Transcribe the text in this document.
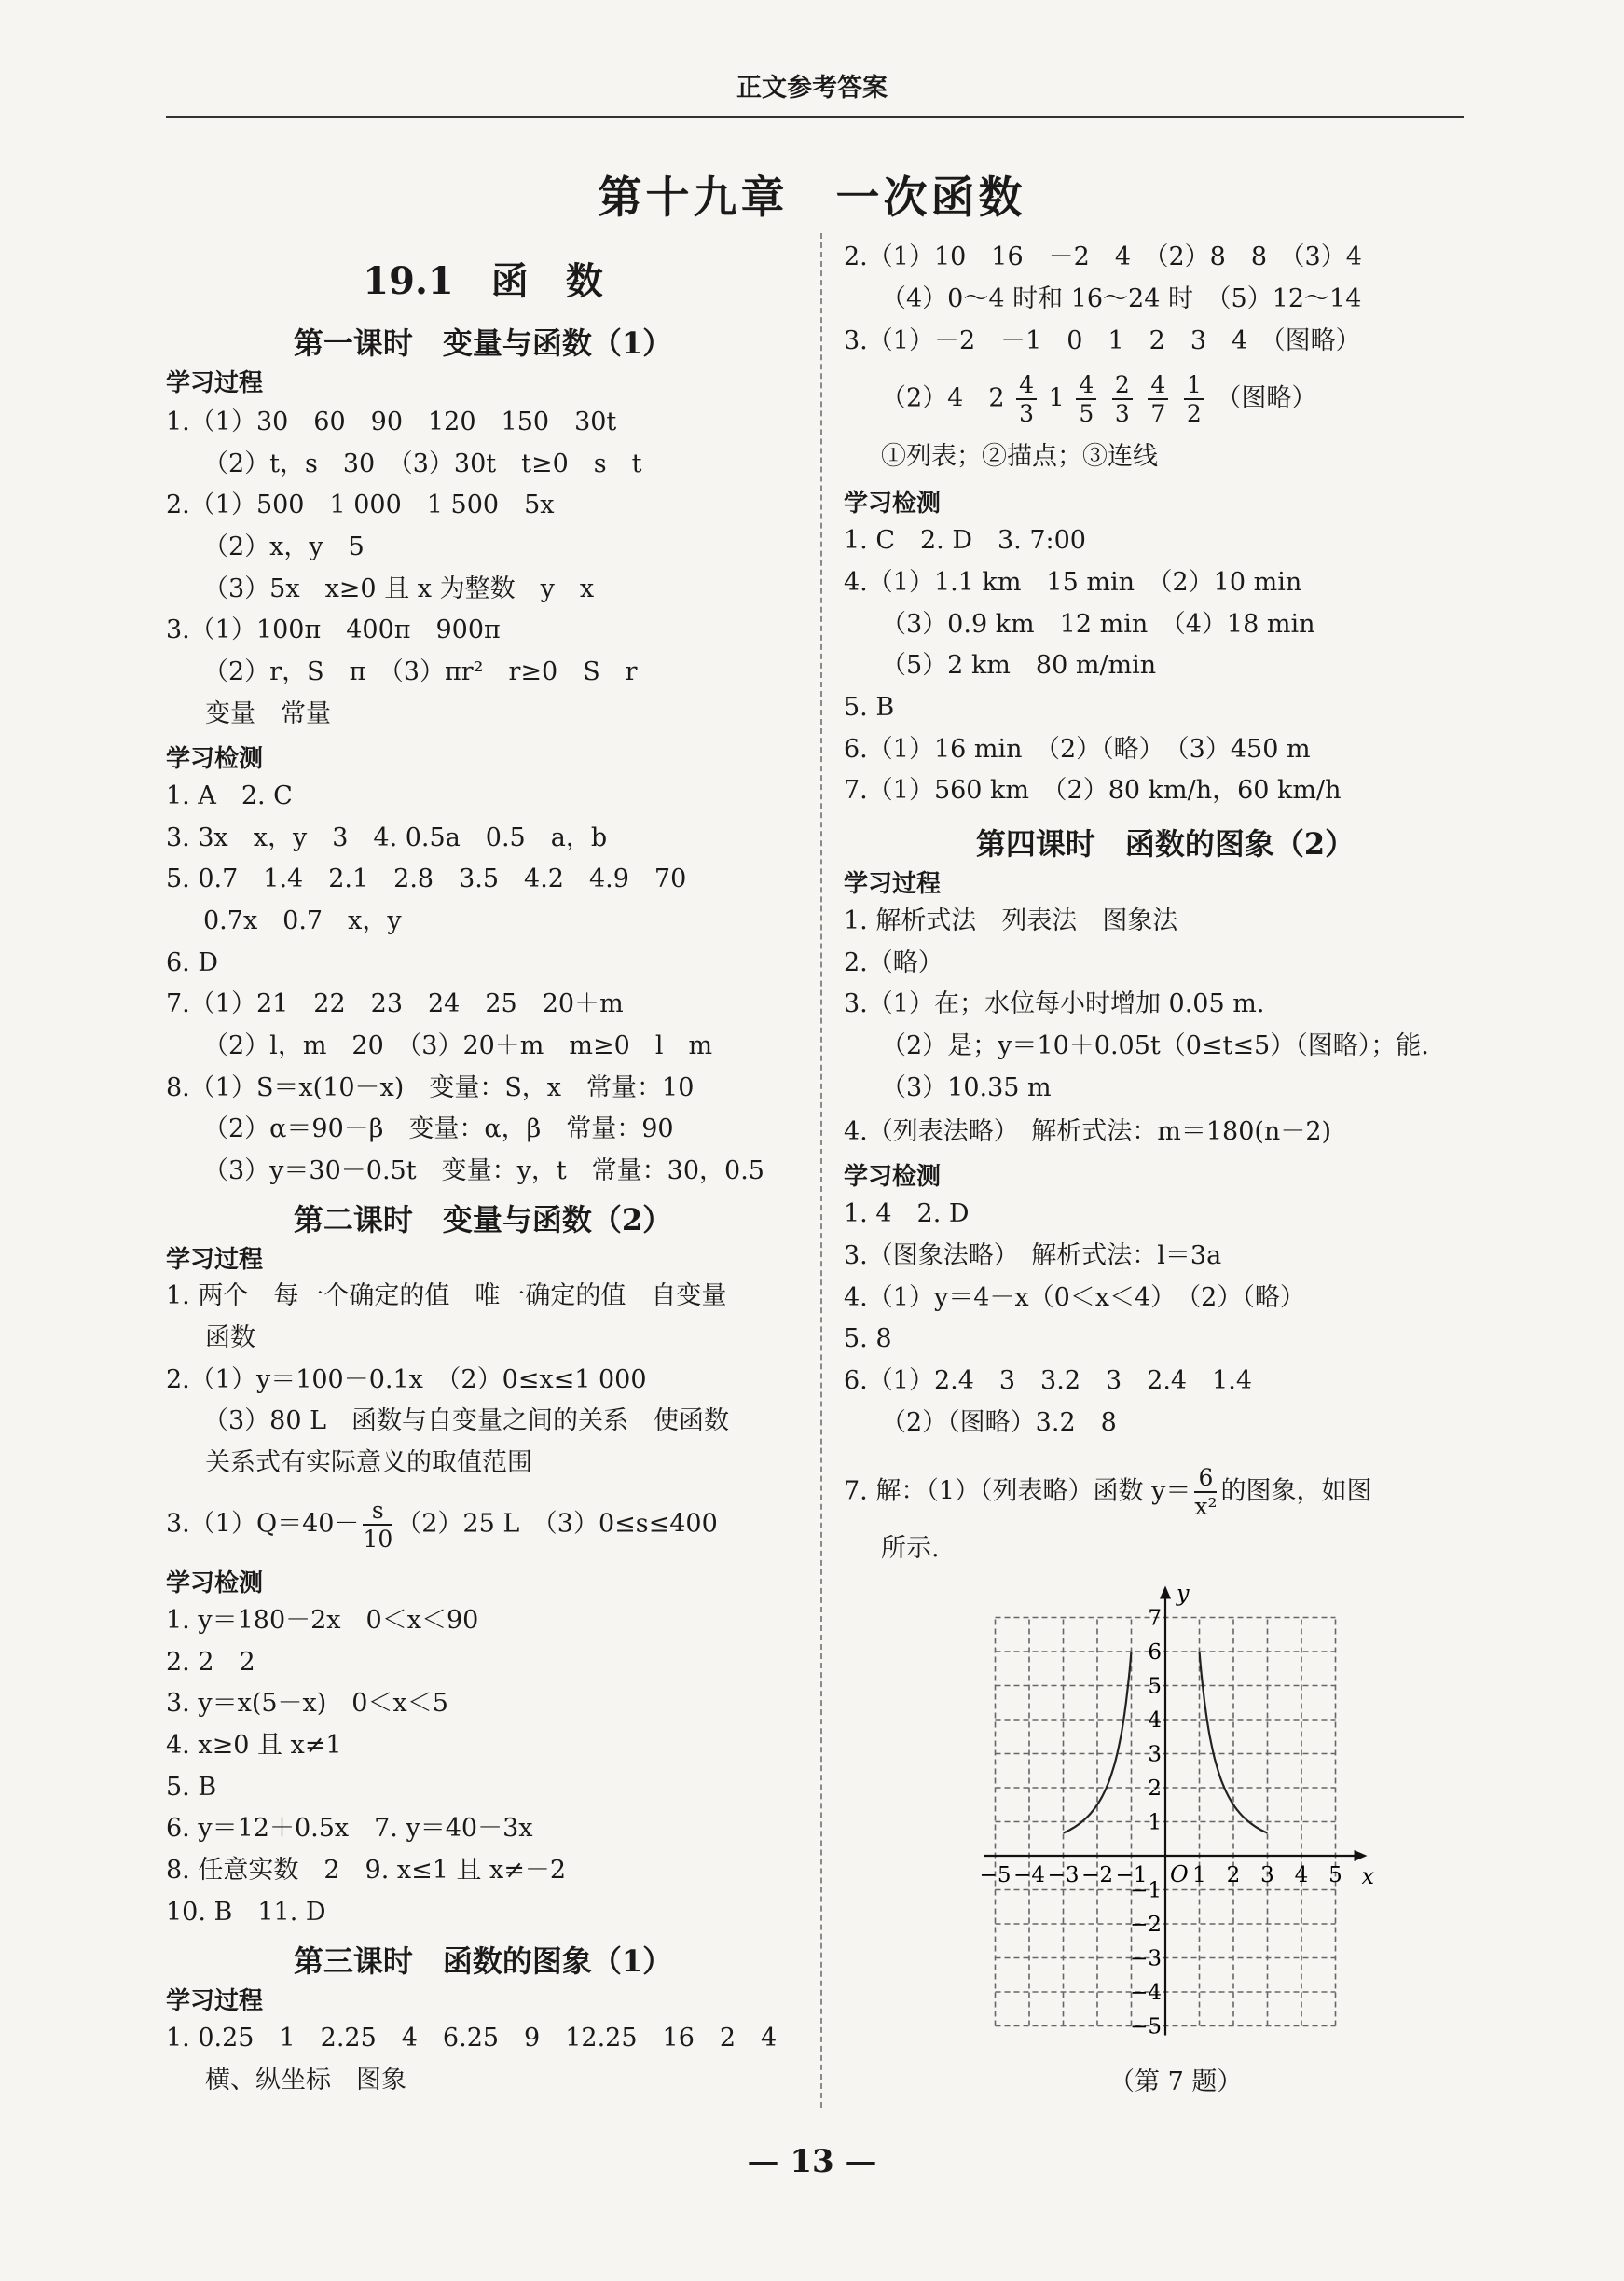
正文参考答案
第十九章　一次函数
19.1　函　数
第一课时　变量与函数（1）
学习过程
1.（1）30　60　90　120　150　30t
（2）t，s　30　（3）30t　t≥0　s　t
2.（1）500　1 000　1 500　5x
（2）x，y　5
（3）5x　x≥0 且 x 为整数　y　x
3.（1）100π　400π　900π
（2）r，S　π　（3）πr²　r≥0　S　r
变量　常量
学习检测
1. A　2. C
3. 3x　x，y　3　4. 0.5a　0.5　a，b
5. 0.7　1.4　2.1　2.8　3.5　4.2　4.9　70
0.7x　0.7　x，y
6. D
7.（1）21　22　23　24　25　20＋m
（2）l，m　20　（3）20＋m　m≥0　l　m
8.（1）S＝x(10－x)　变量：S，x　常量：10
（2）α＝90－β　变量：α，β　常量：90
（3）y＝30－0.5t　变量：y，t　常量：30，0.5
第二课时　变量与函数（2）
学习过程
1. 两个　每一个确定的值　唯一确定的值　自变量
函数
2.（1）y＝100－0.1x　（2）0≤x≤1 000
（3）80 L　函数与自变量之间的关系　使函数
关系式有实际意义的取值范围
$3.(1)Q=40- \frac{s}{10} (2)25$ L　（3）0≤s≤400
学习检测
1. y＝180－2x　0＜x＜90
2. 2　2
3. y＝x(5－x)　0＜x＜5
4. x≥0 且 x≠1
5. B
6. y＝12＋0.5x　7. y＝40－3x
8. 任意实数　2　9. x≤1 且 x≠－2
10. B　11. D
第三课时　函数的图象（1）
学习过程
1. 0.25　1　2.25　4　6.25　9　12.25　16　2　4
横、纵坐标　图象
2.（1）10　16　－2　4　（2）8　8　（3）4
（4）0～4 时和 16～24 时　（5）12～14
3.（1）－2　－1　0　1　2　3　4　（图略）
（2）4　$2 \frac{4}{3} 1 \frac{4}{5}$
$\frac{2}{3}$
$\frac{4}{7}$
$\frac{1}{2}$ （图略）
①列表；②描点；③连线
学习检测
1. C　2. D　3. 7:00
4.（1）1.1 km　15 min　（2）10 min
（3）0.9 km　12 min　（4）18 min
（5）2 km　80 m/min
5. B
6.（1）16 min　（2）（略）　（3）450 m
7.（1）560 km　（2）80 km/h，60 km/h
第四课时　函数的图象（2）
学习过程
1. 解析式法　列表法　图象法
2.（略）
3.（1）在；水位每小时增加 0.05 m.
（2）是；y＝10＋0.05t（0≤t≤5）（图略）；能.
（3）10.35 m
4.（列表法略）　解析式法：m＝180(n－2)
学习检测
1. 4　2. D
3.（图象法略）　解析式法：l＝3a
4.（1）y＝4－x（0＜x＜4）　（2）（略）
5. 8
6.（1）2.4　3　3.2　3　2.4　1.4
（2）（图略）3.2　8
7. 解：（1）（列表略）函数 $y= \frac{6}{\text{x²}}$ 的图象，如图
所示.
x
y
O
−5 −4 −3 −2 −1 1 2 3 4 5
7
6
5
4
3
2
1
−1
−2
−3
−4
−5
（第 7 题）
— 13 —
